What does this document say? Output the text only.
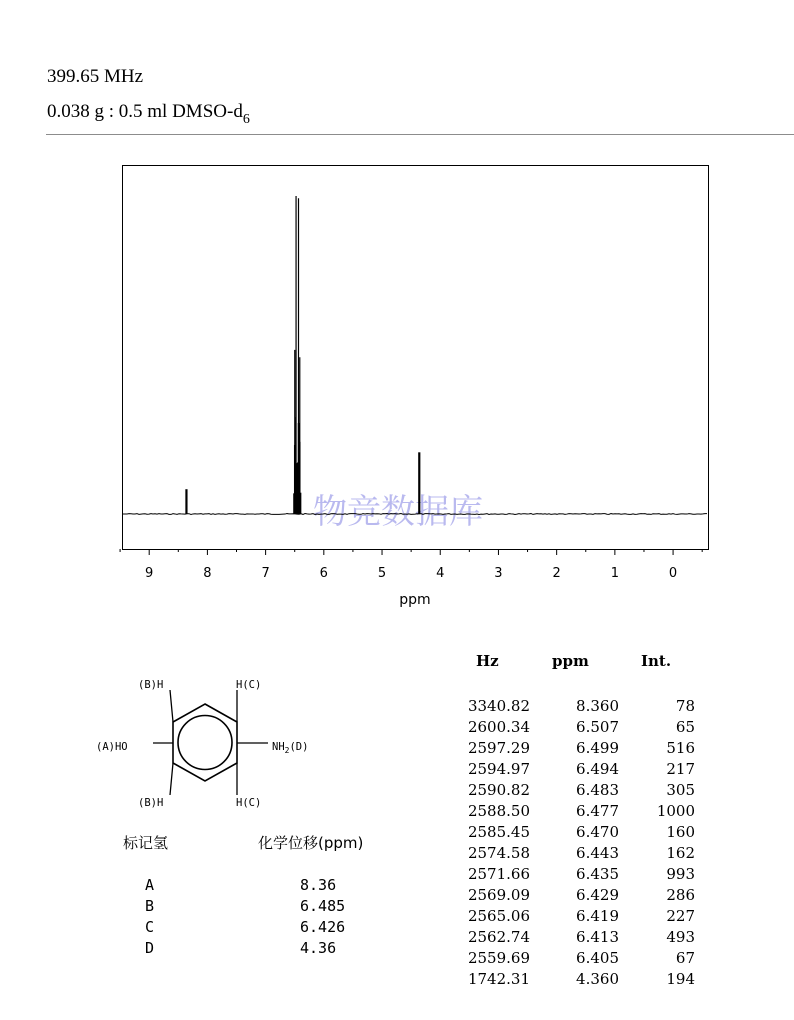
399.65 MHz
0.038 g : 0.5 ml DMSO-$d_6$
物竞数据库
9	8	7	6	5	4	3	2	1	0
ppm
(B)H	H(C)
(A)HO	$NH_2(D)$
(B)H	H(C)
标记氢	化学位移(ppm)
A	8.36
B	6.485
C	6.426
D	4.36
Hz	ppm	Int.
3340.82	8.360	78
2600.34	6.507	65
2597.29	6.499	516
2594.97	6.494	217
2590.82	6.483	305
2588.50	6.477	1000
2585.45	6.470	160
2574.58	6.443	162
2571.66	6.435	993
2569.09	6.429	286
2565.06	6.419	227
2562.74	6.413	493
2559.69	6.405	67
1742.31	4.360	194
